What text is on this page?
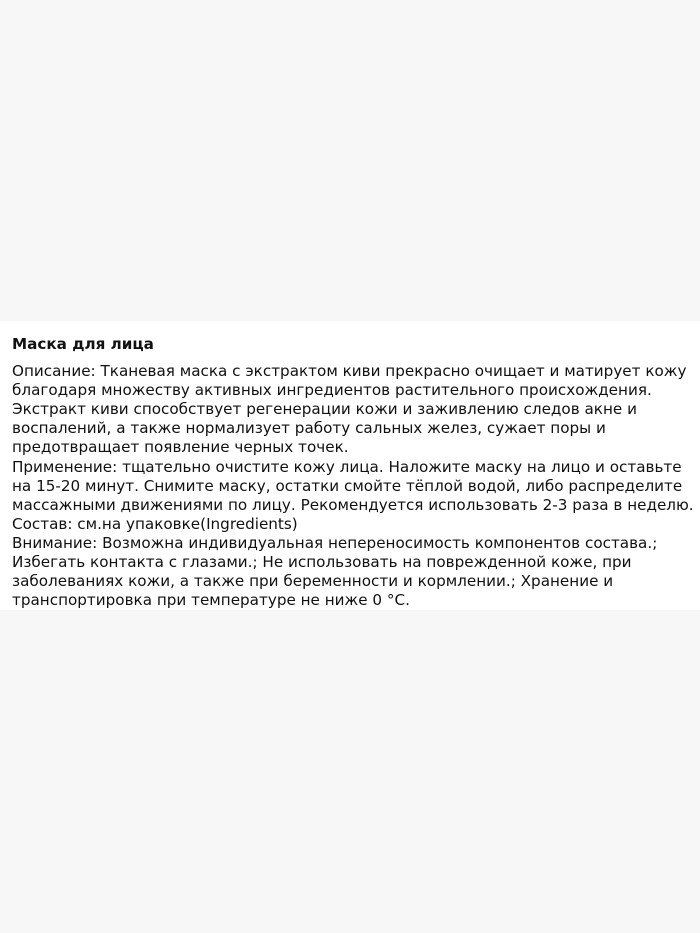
Маска для лица

Описание: Тканевая маска с экстрактом киви прекрасно очищает и матирует кожу благодаря множеству активных ингредиентов растительного происхождения. Экстракт киви способствует регенерации кожи и заживлению следов акне и воспалений, а также нормализует работу сальных желез, сужает поры и предотвращает появление черных точек.

Применение: тщательно очистите кожу лица. Наложите маску на лицо и оставьте на 15-20 минут. Снимите маску, остатки смойте тёплой водой, либо распределите массажными движениями по лицу. Рекомендуется использовать 2-3 раза в неделю.

Состав: см.на упаковке(Ingredients)

Внимание: Возможна индивидуальная непереносимость компонентов состава.; Избегать контакта с глазами.; Не использовать на поврежденной коже, при заболеваниях кожи, а также при беременности и кормлении.; Хранение и транспортировка при температуре не ниже 0 °C.
